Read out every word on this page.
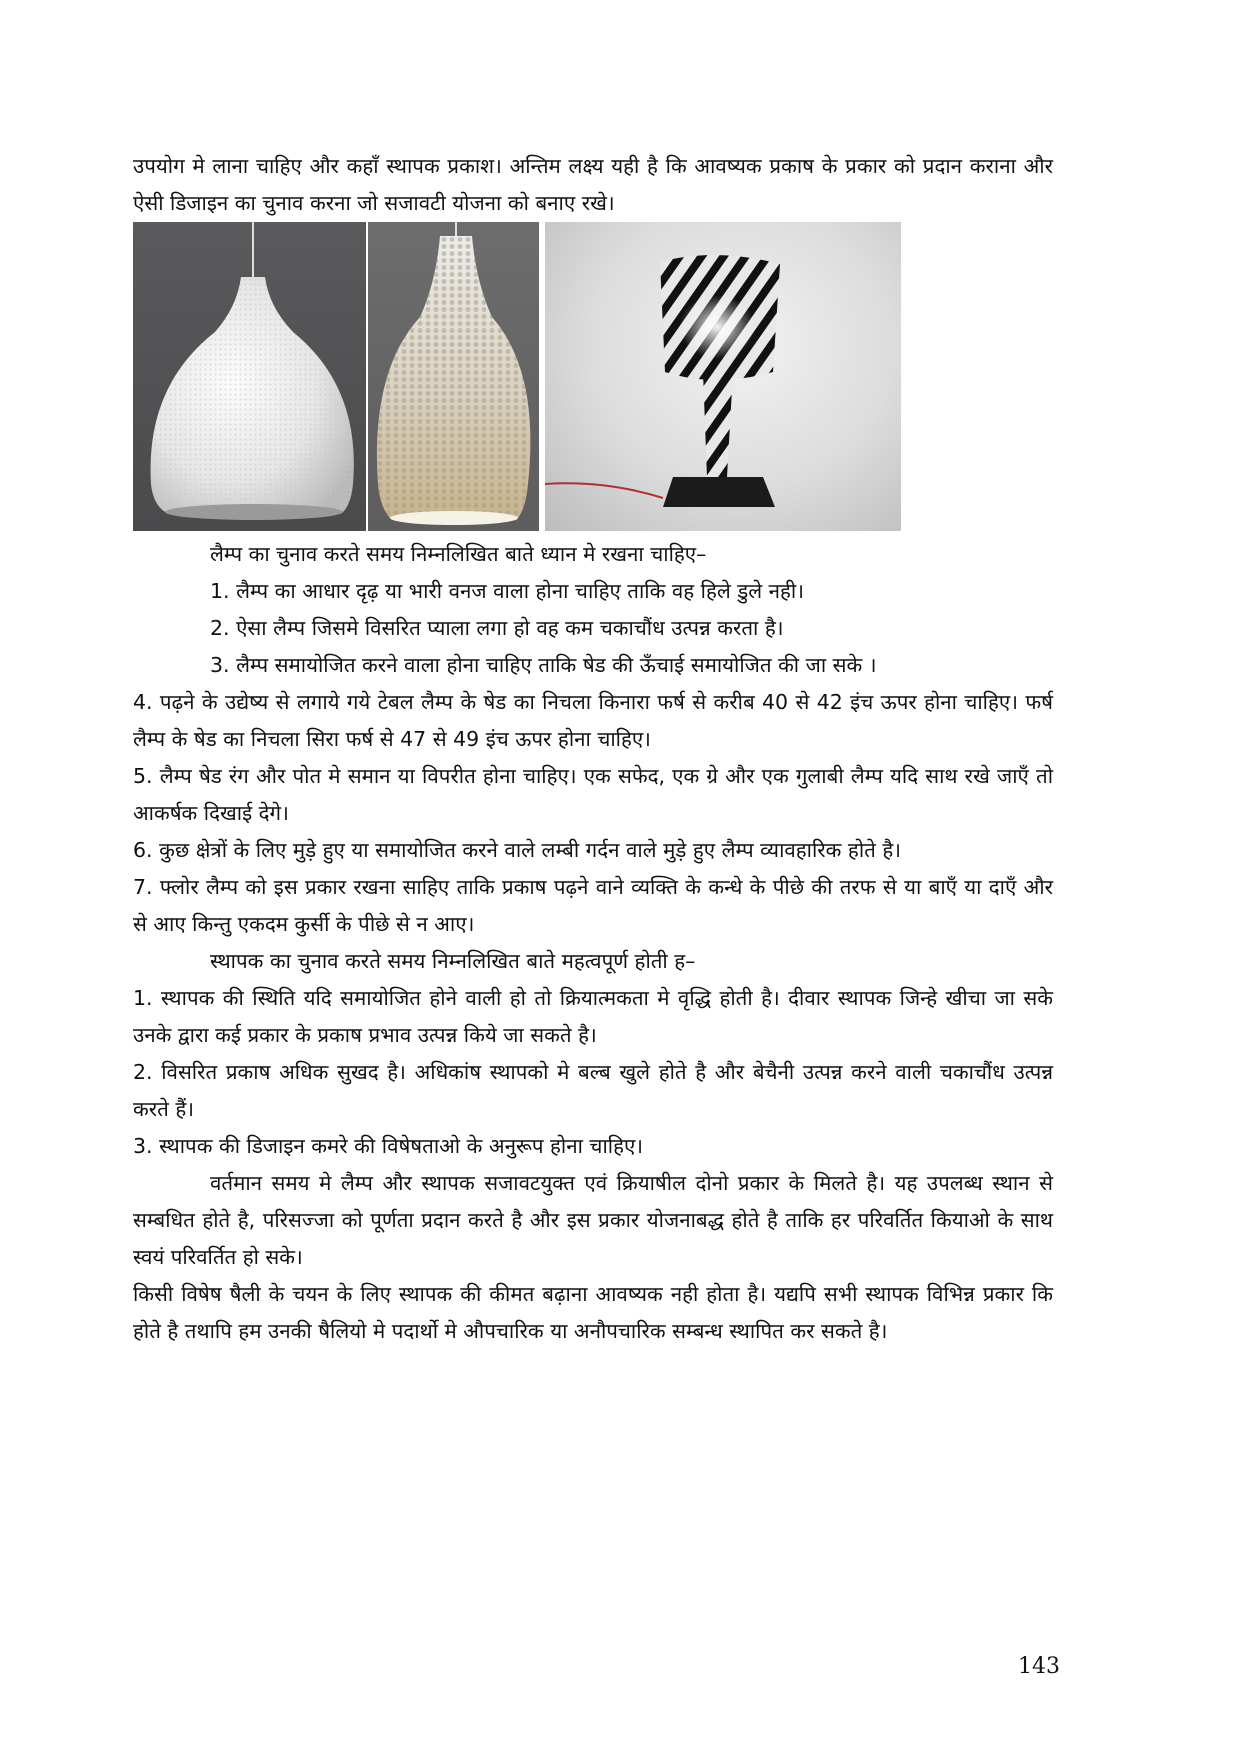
उपयोग मे लाना चाहिए और कहाँ स्थापक प्रकाश। अन्तिम लक्ष्य यही है कि आवष्यक प्रकाष के प्रकार को प्रदान कराना और ऐसी डिजाइन का चुनाव करना जो सजावटी योजना को बनाए रखे।

लैम्प का चुनाव करते समय निम्नलिखित बाते ध्यान मे रखना चाहिए–

1. लैम्प का आधार दृढ़ या भारी वनज वाला होना चाहिए ताकि वह हिले डुले नही।

2. ऐसा लैम्प जिसमे विसरित प्याला लगा हो वह कम चकाचौंध उत्पन्न करता है।

3. लैम्प समायोजित करने वाला होना चाहिए ताकि षेड की ऊँचाई समायोजित की जा सके ।

4. पढ़ने के उद्येष्य से लगाये गये टेबल लैम्प के षेड का निचला किनारा फर्ष से करीब 40 से 42 इंच ऊपर होना चाहिए। फर्ष लैम्प के षेड का निचला सिरा फर्ष से 47 से 49 इंच ऊपर होना चाहिए।

5. लैम्प षेड रंग और पोत मे समान या विपरीत होना चाहिए। एक सफेद, एक ग्रे और एक गुलाबी लैम्प यदि साथ रखे जाएँ तो आकर्षक दिखाई देगे।

6. कुछ क्षेत्रों के लिए मुड़े हुए या समायोजित करने वाले लम्बी गर्दन वाले मुड़े हुए लैम्प व्यावहारिक होते है।

7. फ्लोर लैम्प को इस प्रकार रखना साहिए ताकि प्रकाष पढ़ने वाने व्यक्ति के कन्धे के पीछे की तरफ से या बाएँ या दाएँ और से आए किन्तु एकदम कुर्सी के पीछे से न आए।

स्थापक का चुनाव करते समय निम्नलिखित बाते महत्वपूर्ण होती ह–

1. स्थापक की स्थिति यदि समायोजित होने वाली हो तो क्रियात्मकता मे वृद्धि होती है। दीवार स्थापक जिन्हे खीचा जा सके उनके द्वारा कई प्रकार के प्रकाष प्रभाव उत्पन्न किये जा सकते है।

2. विसरित प्रकाष अधिक सुखद है। अधिकांष स्थापको मे बल्ब खुले होते है और बेचैनी उत्पन्न करने वाली चकाचौंध उत्पन्न करते हैं।

3. स्थापक की डिजाइन कमरे की विषेषताओ के अनुरूप होना चाहिए।

वर्तमान समय मे लैम्प और स्थापक सजावटयुक्त एवं क्रियाषील दोनो प्रकार के मिलते है। यह उपलब्ध स्थान से सम्बधित होते है, परिसज्जा को पूर्णता प्रदान करते है और इस प्रकार योजनाबद्ध होते है ताकि हर परिवर्तित कियाओ के साथ स्वयं परिवर्तित हो सके।

किसी विषेष षैली के चयन के लिए स्थापक की कीमत बढ़ाना आवष्यक नही होता है। यद्यपि सभी स्थापक विभिन्न प्रकार कि होते है तथापि हम उनकी षैलियो मे पदार्थो मे औपचारिक या अनौपचारिक सम्बन्ध स्थापित कर सकते है।

143
